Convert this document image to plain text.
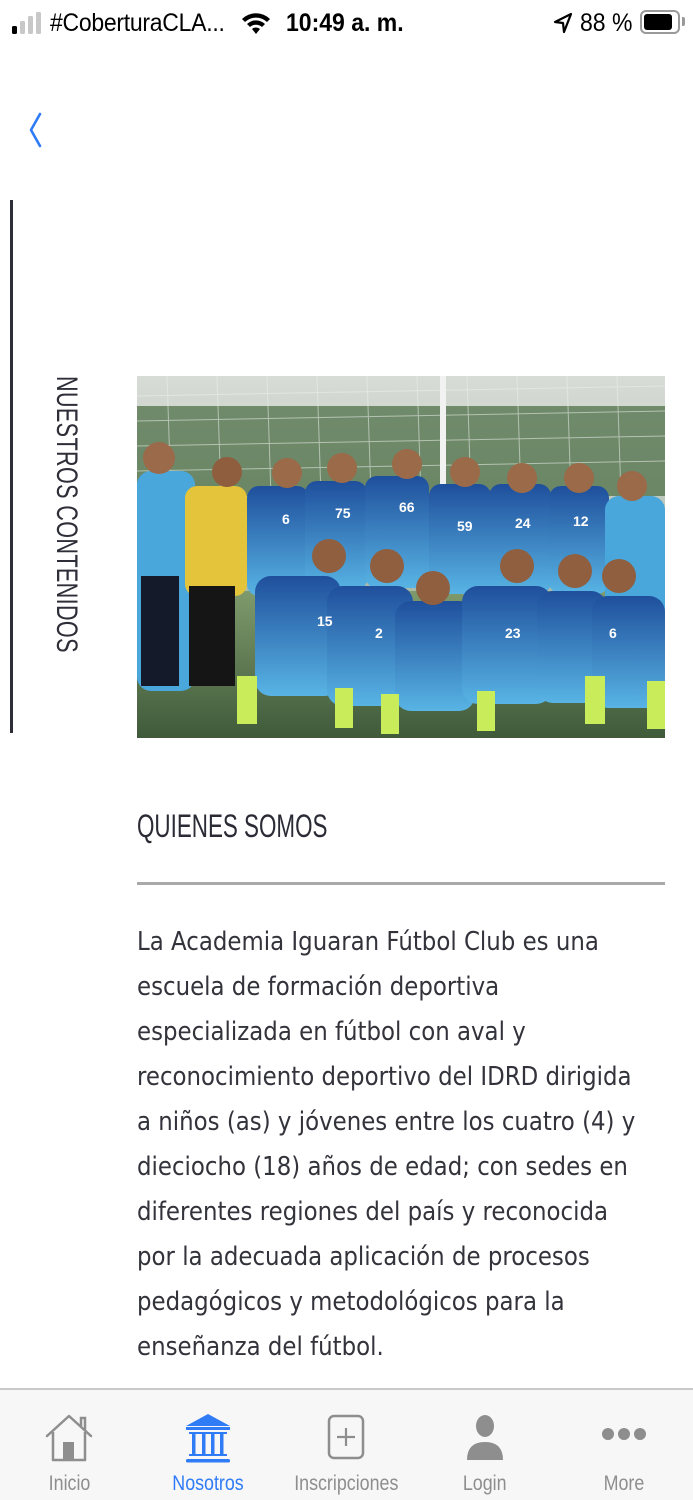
#CoberturaCLA... 10:49 a. m.	88 %
NUESTROS CONTENIDOS	6	75	66
59	24	12
15
2	23	6
QUIENES SOMOS
La Academia Iguaran Fútbol Club es una
escuela de formación deportiva
especializada en fútbol con aval y
reconocimiento deportivo del IDRD dirigida
a niños (as) y jóvenes entre los cuatro (4) y
dieciocho (18) años de edad; con sedes en
diferentes regiones del país y reconocida
por la adecuada aplicación de procesos
pedagógicos y metodológicos para la
enseñanza del fútbol.
Inicio	Nosotros	Inscripciones	Login	More
